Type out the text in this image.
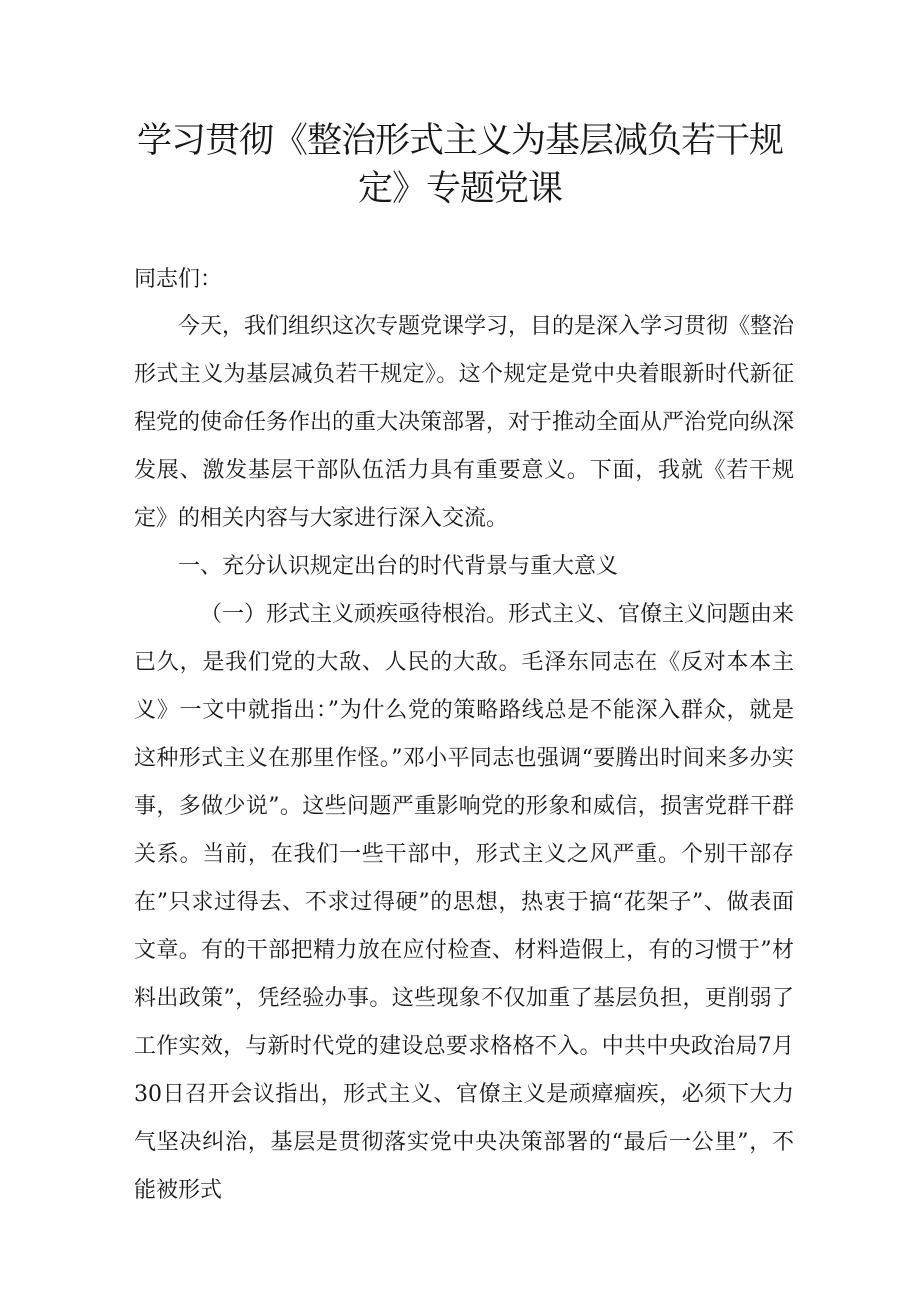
学习贯彻《整治形式主义为基层减负若干规
定》专题党课

同志们：

今天，我们组织这次专题党课学习，目的是深入学习贯彻《整治形式主义为基层减负若干规定》。这个规定是党中央着眼新时代新征程党的使命任务作出的重大决策部署，对于推动全面从严治党向纵深发展、激发基层干部队伍活力具有重要意义。下面，我就《若干规定》的相关内容与大家进行深入交流。

一、充分认识规定出台的时代背景与重大意义

（一）形式主义顽疾亟待根治。形式主义、官僚主义问题由来已久，是我们党的大敌、人民的大敌。毛泽东同志在《反对本本主义》一文中就指出：”为什么党的策略路线总是不能深入群众，就是这种形式主义在那里作怪。”邓小平同志也强调“要腾出时间来多办实事，多做少说”。这些问题严重影响党的形象和威信，损害党群干群关系。当前，在我们一些干部中，形式主义之风严重。个别干部存在”只求过得去、不求过得硬”的思想，热衷于搞“花架子”、做表面文章。有的干部把精力放在应付检查、材料造假上，有的习惯于”材料出政策”，凭经验办事。这些现象不仅加重了基层负担，更削弱了工作实效，与新时代党的建设总要求格格不入。中共中央政治局7月30日召开会议指出，形式主义、官僚主义是顽瘴痼疾，必须下大力气坚决纠治，基层是贯彻落实党中央决策部署的“最后一公里”，不能被形式
